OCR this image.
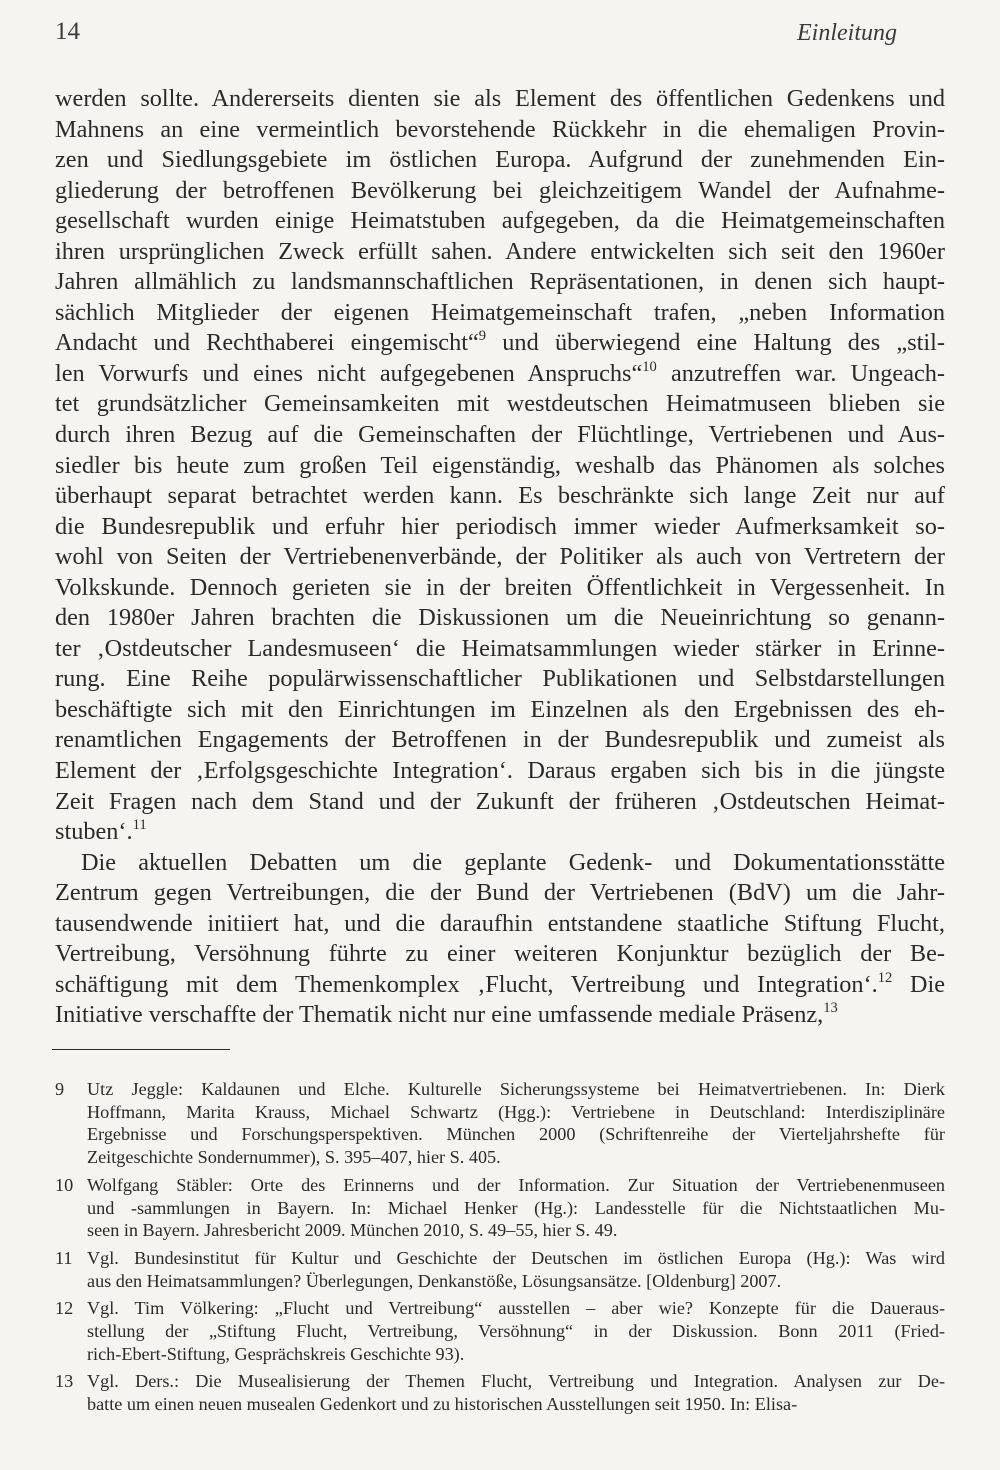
14	Einleitung
werden sollte. Andererseits dienten sie als Element des öffentlichen Gedenkens und
Mahnens an eine vermeintlich bevorstehende Rückkehr in die ehemaligen Provin-
zen und Siedlungsgebiete im östlichen Europa. Aufgrund der zunehmenden Ein-
gliederung der betroffenen Bevölkerung bei gleichzeitigem Wandel der Aufnahme-
gesellschaft wurden einige Heimatstuben aufgegeben, da die Heimatgemeinschaften
ihren ursprünglichen Zweck erfüllt sahen. Andere entwickelten sich seit den 1960er
Jahren allmählich zu landsmannschaftlichen Repräsentationen, in denen sich haupt-
sächlich Mitglieder der eigenen Heimatgemeinschaft trafen, „neben Information
Andacht und Rechthaberei eingemischt“$^9$ und überwiegend eine Haltung des „stil-
len Vorwurfs und eines nicht aufgegebenen Anspruchs“$^{10}$ anzutreffen war. Ungeach-
tet grundsätzlicher Gemeinsamkeiten mit westdeutschen Heimatmuseen blieben sie
durch ihren Bezug auf die Gemeinschaften der Flüchtlinge, Vertriebenen und Aus-
siedler bis heute zum großen Teil eigenständig, weshalb das Phänomen als solches
überhaupt separat betrachtet werden kann. Es beschränkte sich lange Zeit nur auf
die Bundesrepublik und erfuhr hier periodisch immer wieder Aufmerksamkeit so-
wohl von Seiten der Vertriebenenverbände, der Politiker als auch von Vertretern der
Volkskunde. Dennoch gerieten sie in der breiten Öffentlichkeit in Vergessenheit. In
den 1980er Jahren brachten die Diskussionen um die Neueinrichtung so genann-
ter ‚Ostdeutscher Landesmuseen‘ die Heimatsammlungen wieder stärker in Erinne-
rung. Eine Reihe populärwissenschaftlicher Publikationen und Selbstdarstellungen
beschäftigte sich mit den Einrichtungen im Einzelnen als den Ergebnissen des eh-
renamtlichen Engagements der Betroffenen in der Bundesrepublik und zumeist als
Element der ‚Erfolgsgeschichte Integration‘. Daraus ergaben sich bis in die jüngste
Zeit Fragen nach dem Stand und der Zukunft der früheren ‚Ostdeutschen Heimat-
stuben‘.$^{11}$
Die aktuellen Debatten um die geplante Gedenk- und Dokumentationsstätte
Zentrum gegen Vertreibungen, die der Bund der Vertriebenen (BdV) um die Jahr-
tausendwende initiiert hat, und die daraufhin entstandene staatliche Stiftung Flucht,
Vertreibung, Versöhnung führte zu einer weiteren Konjunktur bezüglich der Be-
schäftigung mit dem Themenkomplex ‚Flucht, Vertreibung und Integration‘.$^{12}$ Die
Initiative verschaffte der Thematik nicht nur eine umfassende mediale Präsenz,$^{13}$
9 Utz Jeggle: Kaldaunen und Elche. Kulturelle Sicherungssysteme bei Heimatvertriebenen. In: Dierk
Hoffmann, Marita Krauss, Michael Schwartz (Hgg.): Vertriebene in Deutschland: Interdisziplinäre
Ergebnisse und Forschungsperspektiven. München 2000 (Schriftenreihe der Vierteljahrshefte für
Zeitgeschichte Sondernummer), S. 395–407, hier S. 405.
10 Wolfgang Stäbler: Orte des Erinnerns und der Information. Zur Situation der Vertriebenenmuseen
und -sammlungen in Bayern. In: Michael Henker (Hg.): Landesstelle für die Nichtstaatlichen Mu-
seen in Bayern. Jahresbericht 2009. München 2010, S. 49–55, hier S. 49.
11 Vgl. Bundesinstitut für Kultur und Geschichte der Deutschen im östlichen Europa (Hg.): Was wird
aus den Heimatsammlungen? Überlegungen, Denkanstöße, Lösungsansätze. [Oldenburg] 2007.
12 Vgl. Tim Völkering: „Flucht und Vertreibung“ ausstellen – aber wie? Konzepte für die Daueraus-
stellung der „Stiftung Flucht, Vertreibung, Versöhnung“ in der Diskussion. Bonn 2011 (Fried-
rich-Ebert-Stiftung, Gesprächskreis Geschichte 93).
13 Vgl. Ders.: Die Musealisierung der Themen Flucht, Vertreibung und Integration. Analysen zur De-
batte um einen neuen musealen Gedenkort und zu historischen Ausstellungen seit 1950. In: Elisa-
